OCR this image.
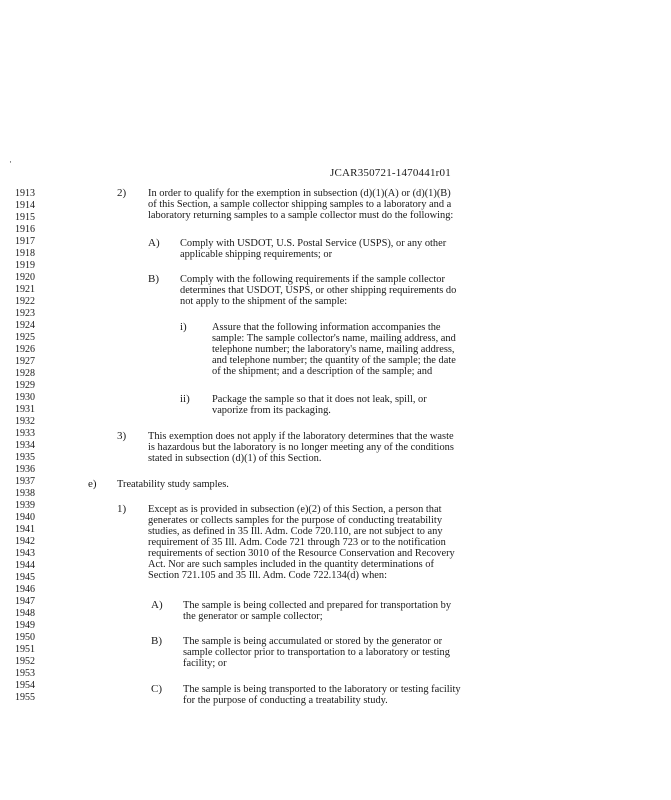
·
JCAR350721-1470441r01
1913
1914
1915
1916
1917
1918
1919
1920
1921
1922
1923
1924
1925
1926
1927
1928
1929
1930
1931
1932
1933
1934
1935
1936
1937
1938
1939
1940
1941
1942
1943
1944
1945
1946
1947
1948
1949
1950
1951
1952
1953
1954
1955
2)
A)
B)
i)
ii)
3)
e)
1)
A)
B)
C)
In order to qualify for the exemption in subsection (d)(1)(A) or (d)(1)(B)
of this Section, a sample collector shipping samples to a laboratory and a
laboratory returning samples to a sample collector must do the following:
Comply with USDOT, U.S. Postal Service (USPS), or any other
applicable shipping requirements; or
Comply with the following requirements if the sample collector
determines that USDOT, USPS, or other shipping requirements do
not apply to the shipment of the sample:
Assure that the following information accompanies the
sample: The sample collector's name, mailing address, and
telephone number; the laboratory's name, mailing address,
and telephone number; the quantity of the sample; the date
of the shipment; and a description of the sample; and
Package the sample so that it does not leak, spill, or
vaporize from its packaging.
This exemption does not apply if the laboratory determines that the waste
is hazardous but the laboratory is no longer meeting any of the conditions
stated in subsection (d)(1) of this Section.
Treatability study samples.
Except as is provided in subsection (e)(2) of this Section, a person that
generates or collects samples for the purpose of conducting treatability
studies, as defined in 35 Ill. Adm. Code 720.110, are not subject to any
requirement of 35 Ill. Adm. Code 721 through 723 or to the notification
requirements of section 3010 of the Resource Conservation and Recovery
Act. Nor are such samples included in the quantity determinations of
Section 721.105 and 35 Ill. Adm. Code 722.134(d) when:
The sample is being collected and prepared for transportation by
the generator or sample collector;
The sample is being accumulated or stored by the generator or
sample collector prior to transportation to a laboratory or testing
facility; or
The sample is being transported to the laboratory or testing facility
for the purpose of conducting a treatability study.
